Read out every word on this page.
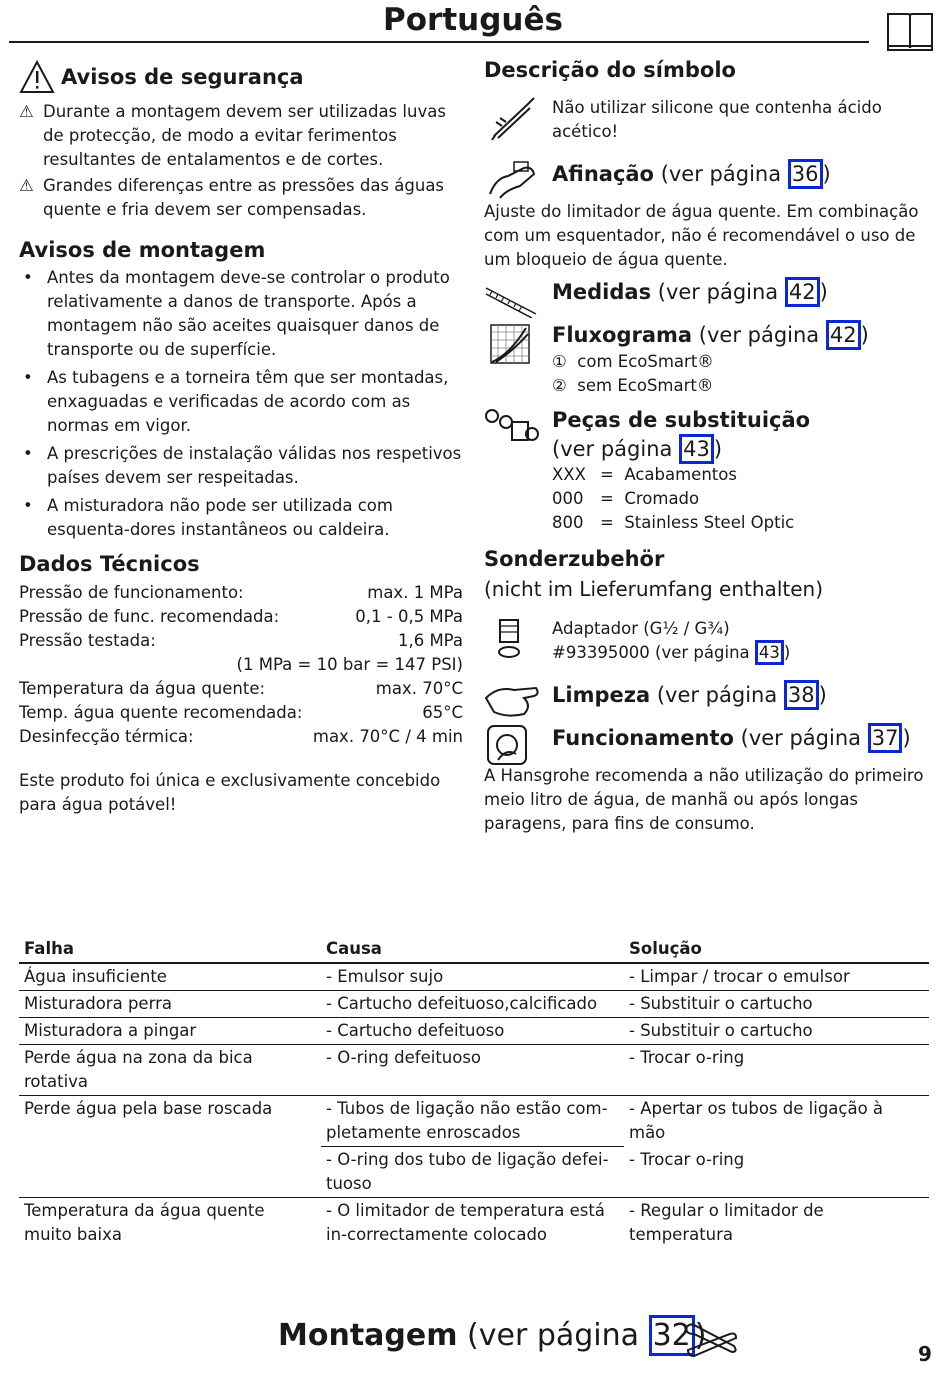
Português
Avisos de segurança
⚠ Durante a montagem devem ser utilizadas luvas de protecção, de modo a evitar ferimentos resultantes de entalamentos e de cortes.
⚠ Grandes diferenças entre as pressões das águas quente e fria devem ser compensadas.
Avisos de montagem
• Antes da montagem deve-se controlar o produto relativamente a danos de transporte. Após a montagem não são aceites quaisquer danos de transporte ou de superfície.
• As tubagens e a torneira têm que ser montadas, enxaguadas e verificadas de acordo com as normas em vigor.
• A prescrições de instalação válidas nos respetivos países devem ser respeitadas.
• A misturadora não pode ser utilizada com esquenta-dores instantâneos ou caldeira.
Dados Técnicos
Pressão de funcionamento:	max. 1 MPa
Pressão de func. recomendada:	0,1 - 0,5 MPa
Pressão testada:	1,6 MPa
(1 MPa = 10 bar = 147 PSI)
Temperatura da água quente:	max. 70°C
Temp. água quente recomendada:	65°C
Desinfecção térmica:	max. 70°C / 4 min
Este produto foi única e exclusivamente concebido para água potável!
Descrição do símbolo
Não utilizar silicone que contenha ácido acético!
Afinação (ver página 36 )
Ajuste do limitador de água quente. Em combinação com um esquentador, não é recomendável o uso de um bloqueio de água quente.
Medidas (ver página 42 )
Fluxograma (ver página 42 )
① com EcoSmart®
② sem EcoSmart®
Peças de substituição
(ver página 43 )
XXX = Acabamentos
000 = Cromado
800 = Stainless Steel Optic
Sonderzubehör
(nicht im Lieferumfang enthalten)
Adaptador (G½ / G¾)
#93395000 (ver página 43 )
Limpeza (ver página 38 )
Funcionamento (ver página 37 )
A Hansgrohe recomenda a não utilização do primeiro meio litro de água, de manhã ou após longas paragens, para fins de consumo.
Falha	Causa	Solução
Água insuficiente	- Emulsor sujo	- Limpar / trocar o emulsor
Misturadora perra	- Cartucho defeituoso,calcificado	- Substituir o cartucho
Misturadora a pingar	- Cartucho defeituoso	- Substituir o cartucho
Perde água na zona da bica rotativa	- O-ring defeituoso	- Trocar o-ring
Perde água pela base roscada	- Tubos de ligação não estão com-pletamente enroscados	- Apertar os tubos de ligação à mão
	- O-ring dos tubo de ligação defei-tuoso	- Trocar o-ring
Temperatura da água quente muito baixa	- O limitador de temperatura está in-correctamente colocado	- Regular o limitador de temperatura
Montagem (ver página 32 )
9
